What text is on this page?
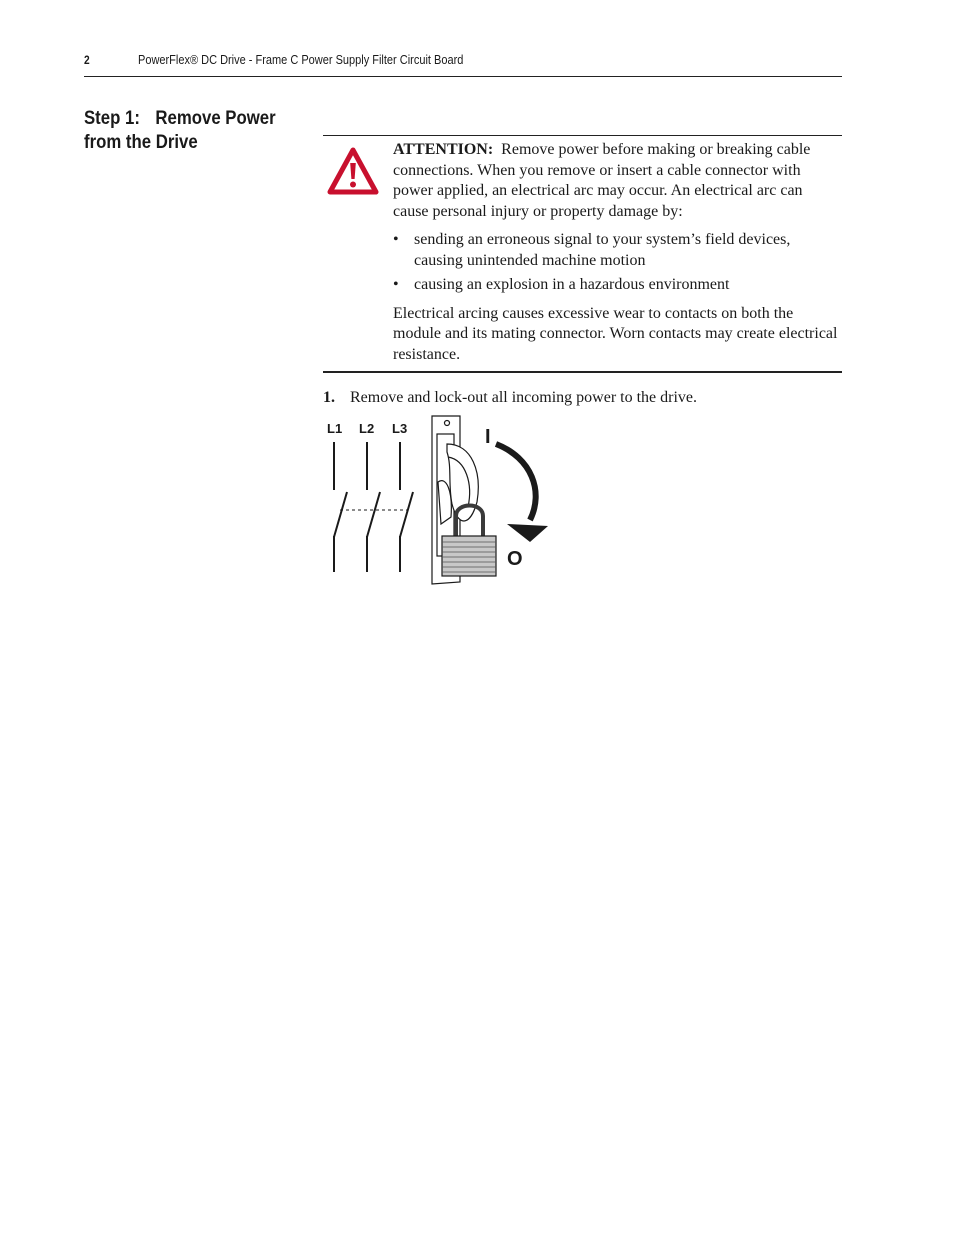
2	PowerFlex® DC Drive - Frame C Power Supply Filter Circuit Board
Step 1: Remove Power
from the Drive	ATTENTION: Remove power before making or breaking cable connections. When you remove or insert a cable connector with power applied, an electrical arc may occur. An electrical arc can cause personal injury or property damage by:

• sending an erroneous signal to your system’s field devices, causing unintended machine motion
• causing an explosion in a hazardous environment

Electrical arcing causes excessive wear to contacts on both the module and its mating connector. Worn contacts may create electrical resistance.

1. Remove and lock-out all incoming power to the drive.
L1 L2 L3	I
O
